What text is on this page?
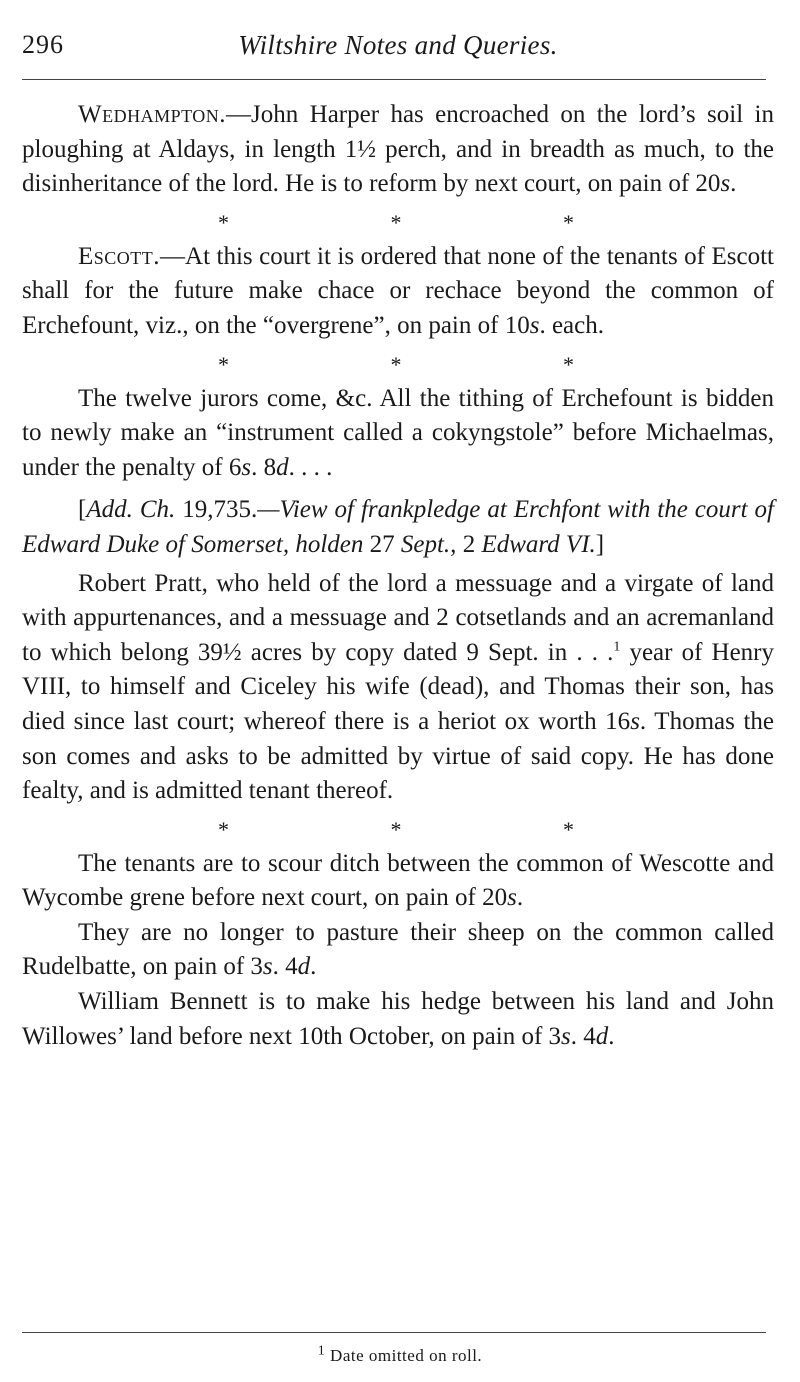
296	Wiltshire Notes and Queries.

Wedhampton.—John Harper has encroached on the lord’s soil in ploughing at Aldays, in length 1½ perch, and in breadth as much, to the disinheritance of the lord. He is to reform by next court, on pain of 20s.

*	*	*

Escott.—At this court it is ordered that none of the tenants of Escott shall for the future make chace or rechace beyond the common of Erchefount, viz., on the “overgrene”, on pain of 10s. each.

*	*	*

The twelve jurors come, &c. All the tithing of Erchefount is bidden to newly make an “instrument called a cokyngstole” before Michaelmas, under the penalty of 6s. 8d. . . .

[Add. Ch. 19,735.—View of frankpledge at Erchfont with the court of Edward Duke of Somerset, holden 27 Sept., 2 Edward VI.]

Robert Pratt, who held of the lord a messuage and a virgate of land with appurtenances, and a messuage and 2 cotsetlands and an acremanland to which belong 39½ acres by copy dated 9 Sept. in . . .$^1$ year of Henry VIII, to himself and Ciceley his wife (dead), and Thomas their son, has died since last court; whereof there is a heriot ox worth 16s. Thomas the son comes and asks to be admitted by virtue of said copy. He has done fealty, and is admitted tenant thereof.

*	*	*

The tenants are to scour ditch between the common of Wescotte and Wycombe grene before next court, on pain of 20s.

They are no longer to pasture their sheep on the common called Rudelbatte, on pain of 3s. 4d.

William Bennett is to make his hedge between his land and John Willowes’ land before next 10th October, on pain of 3s. 4d.

$^1$ Date omitted on roll.
